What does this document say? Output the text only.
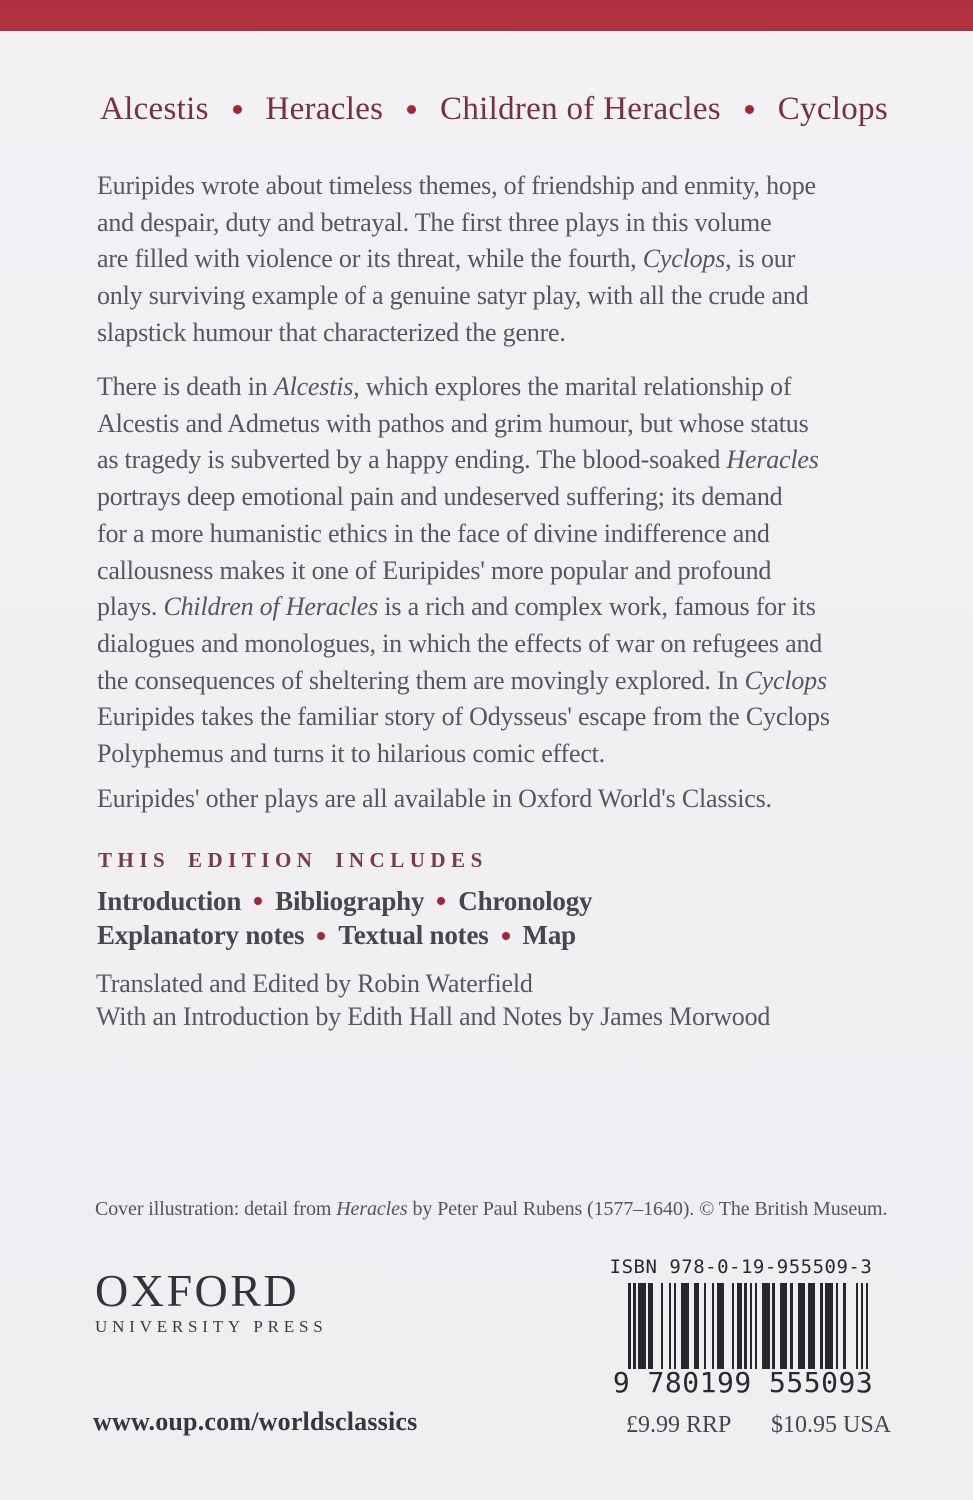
Alcestis Heracles Children of Heracles Cyclops
Euripides wrote about timeless themes, of friendship and enmity, hope
and despair, duty and betrayal. The first three plays in this volume
are filled with violence or its threat, while the fourth, Cyclops, is our
only surviving example of a genuine satyr play, with all the crude and
slapstick humour that characterized the genre.
There is death in Alcestis, which explores the marital relationship of
Alcestis and Admetus with pathos and grim humour, but whose status
as tragedy is subverted by a happy ending. The blood-soaked Heracles
portrays deep emotional pain and undeserved suffering; its demand
for a more humanistic ethics in the face of divine indifference and
callousness makes it one of Euripides' more popular and profound
plays. Children of Heracles is a rich and complex work, famous for its
dialogues and monologues, in which the effects of war on refugees and
the consequences of sheltering them are movingly explored. In Cyclops
Euripides takes the familiar story of Odysseus' escape from the Cyclops
Polyphemus and turns it to hilarious comic effect.
Euripides' other plays are all available in Oxford World's Classics.
THIS EDITION INCLUDES
Introduction Bibliography Chronology
Explanatory notes Textual notes Map
Translated and Edited by Robin Waterfield
With an Introduction by Edith Hall and Notes by James Morwood
Cover illustration: detail from Heracles by Peter Paul Rubens (1577–1640). © The British Museum.
OXFORD
UNIVERSITY PRESS
ISBN 978-0-19-955509-3
9 780199 555093
www.oup.com/worldsclassics	£9.99 RRP $10.95 USA
